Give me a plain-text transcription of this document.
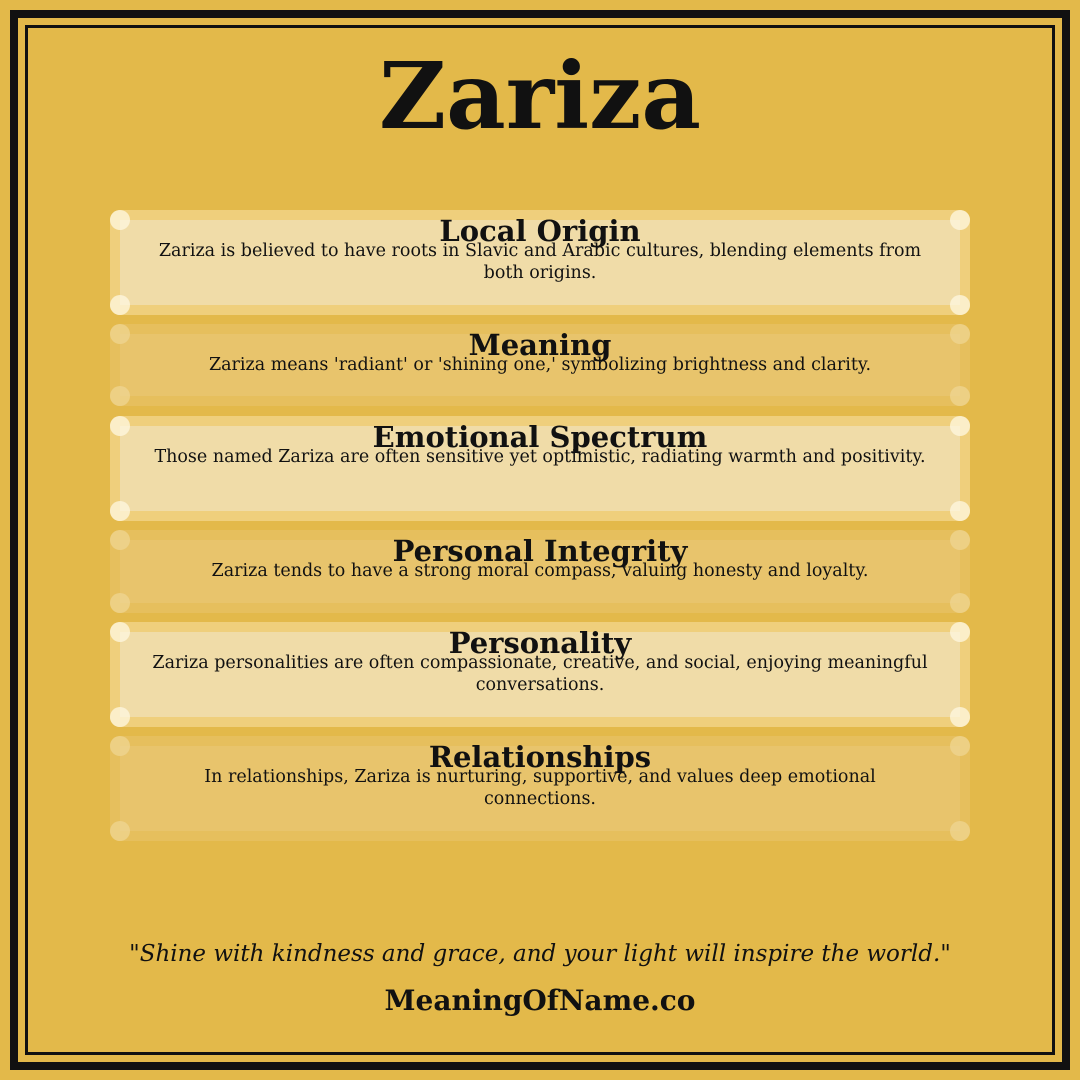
Zariza
Local Origin
Zariza is believed to have roots in Slavic and Arabic cultures, blending elements from both origins.
Meaning
Zariza means 'radiant' or 'shining one,' symbolizing brightness and clarity.
Emotional Spectrum
Those named Zariza are often sensitive yet optimistic, radiating warmth and positivity.
Personal Integrity
Zariza tends to have a strong moral compass, valuing honesty and loyalty.
Personality
Zariza personalities are often compassionate, creative, and social, enjoying meaningful conversations.
Relationships
In relationships, Zariza is nurturing, supportive, and values deep emotional connections.
"Shine with kindness and grace, and your light will inspire the world."
MeaningOfName.co
